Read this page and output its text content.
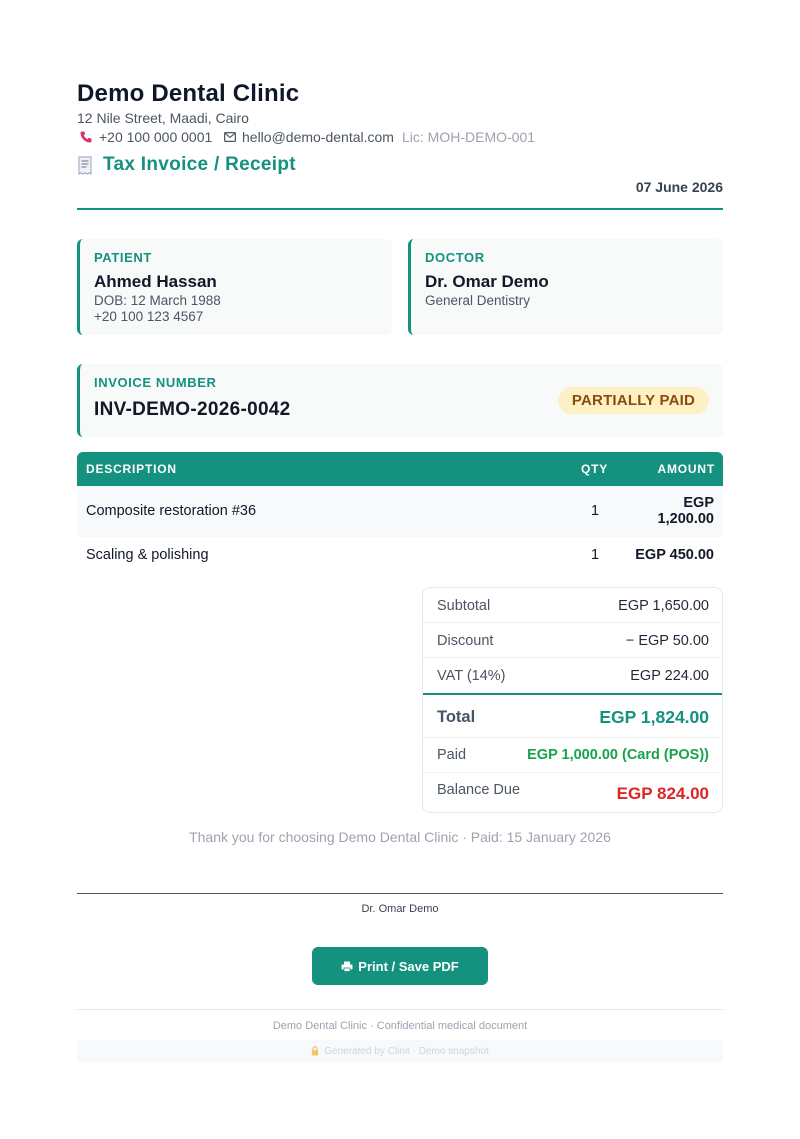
Demo Dental Clinic
12 Nile Street, Maadi, Cairo
+20 100 000 0001 hello@demo-dental.com Lic: MOH-DEMO-001
Tax Invoice / Receipt
07 June 2026
PATIENT
Ahmed Hassan
DOB: 12 March 1988
+20 100 123 4567
DOCTOR
Dr. Omar Demo
General Dentistry
INVOICE NUMBER
INV-DEMO-2026-0042	PARTIALLY PAID
DESCRIPTION	QTY	AMOUNT
Composite restoration #36	1	EGP 1,200.00
Scaling & polishing	1 EGP 450.00
Subtotal	EGP 1,650.00
Discount	− EGP 50.00
VAT (14%)	EGP 224.00
Total	EGP 1,824.00
Paid	EGP 1,000.00 (Card (POS))
Balance Due	EGP 824.00
Thank you for choosing Demo Dental Clinic · Paid: 15 January 2026
Dr. Omar Demo
Print / Save PDF
Demo Dental Clinic · Confidential medical document
Generated by Clinit · Demo snapshot
